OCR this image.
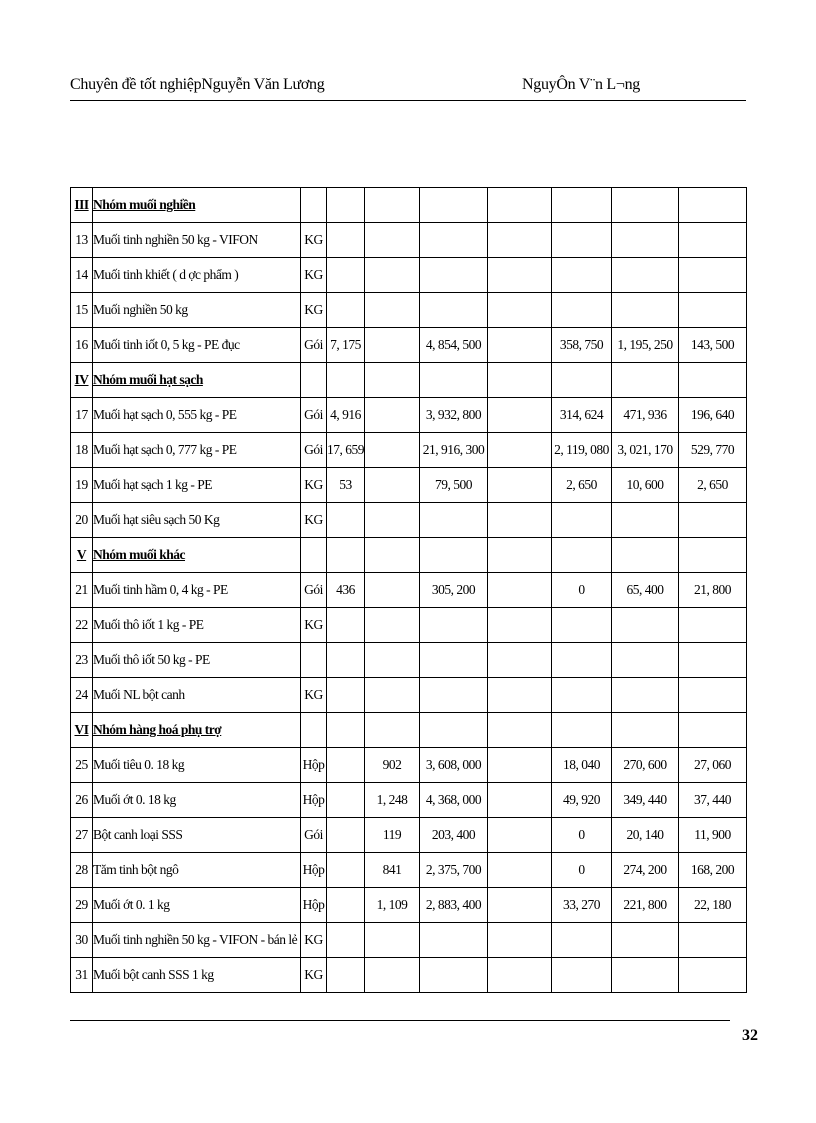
Chuyên đề tốt nghiệpNguyễn Văn Lương	NguyÔn V¨n L¬ng
III	Nhóm muối nghiền								
13	Muối tinh nghiền 50 kg - VIFON	KG							
14	Muối tinh khiết ( d ợc phẩm )	KG							
15	Muối nghiền 50 kg	KG							
16	Muối tinh iốt 0, 5 kg - PE đục	Gói	7, 175		4, 854, 500		358, 750	1, 195, 250	143, 500
IV	Nhóm muối hạt sạch								
17	Muối hạt sạch 0, 555 kg - PE	Gói	4, 916		3, 932, 800		314, 624	471, 936	196, 640
18	Muối hạt sạch 0, 777 kg - PE	Gói	17, 659		21, 916, 300		2, 119, 080	3, 021, 170	529, 770
19	Muối hạt sạch 1 kg - PE	KG	53		79, 500		2, 650	10, 600	2, 650
20	Muối hạt siêu sạch 50 Kg	KG							
V	Nhóm muối khác								
21	Muối tinh hầm 0, 4 kg - PE	Gói	436		305, 200		0	65, 400	21, 800
22	Muối thô iốt 1 kg - PE	KG							
23	Muối thô iốt 50 kg - PE								
24	Muối NL bột canh	KG							
VI	Nhóm hàng hoá phụ trợ								
25	Muối tiêu 0. 18 kg	Hộp		902	3, 608, 000		18, 040	270, 600	27, 060
26	Muối ớt 0. 18 kg	Hộp		1, 248	4, 368, 000		49, 920	349, 440	37, 440
27	Bột canh loại SSS	Gói		119	203, 400		0	20, 140	11, 900
28	Tăm tinh bột ngô	Hộp		841	2, 375, 700		0	274, 200	168, 200
29	Muối ớt 0. 1 kg	Hộp		1, 109	2, 883, 400		33, 270	221, 800	22, 180
30	Muối tinh nghiền 50 kg - VIFON - bán lẻ	KG							
31	Muối bột canh SSS 1 kg	KG							
32
